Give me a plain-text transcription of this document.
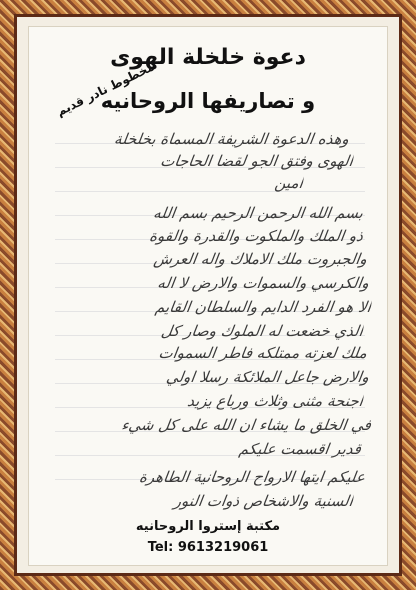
دعوة خلخلة الهوى
و تصاريفها الروحانيه
مخطوط نادر قديم
وهذه الدعوة الشريفة المسماة بخلخلة
الهوى وفتق الجو لقضا الحاجات
امين
بسم الله الرحمن الرحيم بسم الله
ذو الملك والملكوت والقدرة والقوة
والجبروت ملك الاملاك واله العرش
والكرسي والسموات والارض لا اله
الا هو الفرد الدايم والسلطان القايم
الذي خضعت له الملوك وصار كل
ملك لعزته ممتلكه فاطر السموات
والارض جاعل الملائكة رسلا اولي
اجنحة مثنى وثلاث ورباع يزيد
في الخلق ما يشاء ان الله على كل شيء
قدير اقسمت عليكم
عليكم ايتها الارواح الروحانية الطاهرة
السنية والاشخاص ذوات النور
مكتبة إستروا الروحانيه
Tel: 9613219061
